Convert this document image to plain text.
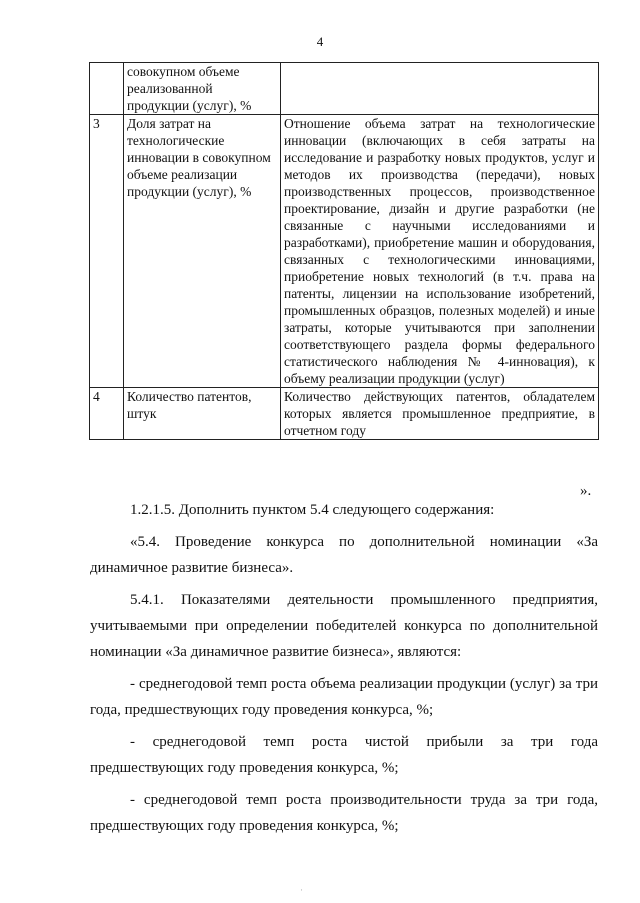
4
	совокупном объеме реализованной продукции (услуг), %	
3	Доля затрат на технологические инновации в совокупном объеме реализации продукции (услуг), %	Отношение объема затрат на технологические инновации (включающих в себя затраты на исследование и разработку новых продуктов, услуг и методов их производства (передачи), новых производственных процессов, производственное проектирование, дизайн и другие разработки (не связанные с научными исследованиями и разработками), приобретение машин и оборудования, связанных с технологическими инновациями, приобретение новых технологий (в т.ч. права на патенты, лицензии на использование изобретений, промышленных образцов, полезных моделей) и иные затраты, которые учитываются при заполнении соответствующего раздела формы федерального статистического наблюдения № 4-инновация), к объему реализации продукции (услуг)
4	Количество патентов, штук	Количество действующих патентов, обладателем которых является промышленное предприятие, в отчетном году
».

1.2.1.5. Дополнить пунктом 5.4 следующего содержания:

«5.4. Проведение конкурса по дополнительной номинации «За динамичное развитие бизнеса».

5.4.1. Показателями деятельности промышленного предприятия, учитываемыми при определении победителей конкурса по дополнительной номинации «За динамичное развитие бизнеса», являются:

- среднегодовой темп роста объема реализации продукции (услуг) за три года, предшествующих году проведения конкурса, %;

- среднегодовой темп роста чистой прибыли за три года предшествующих году проведения конкурса, %;

- среднегодовой темп роста производительности труда за три года, предшествующих году проведения конкурса, %;

·
